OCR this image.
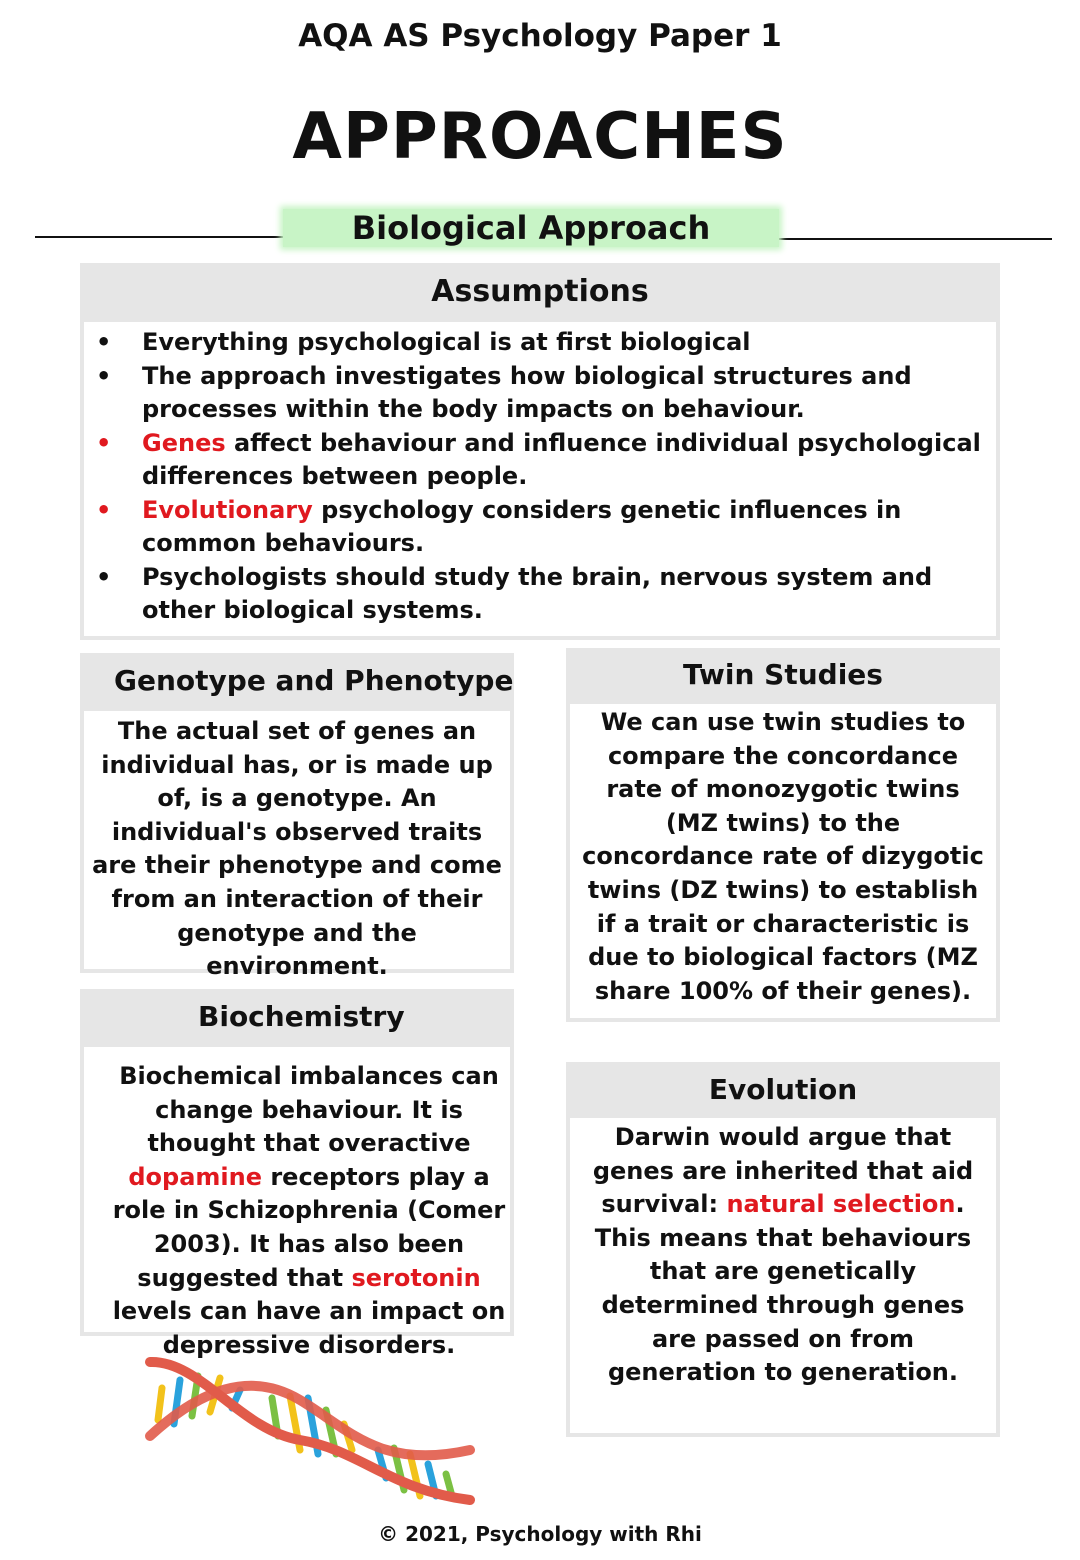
AQA AS Psychology Paper 1
APPROACHES
Biological Approach
Assumptions
• Everything psychological is at first biological
• The approach investigates how biological structures and processes within the body impacts on behaviour.
• Genes affect behaviour and influence individual psychological differences between people.
• Evolutionary psychology considers genetic influences in common behaviours.
• Psychologists should study the brain, nervous system and other biological systems.
Genotype and Phenotype
The actual set of genes an individual has, or is made up of, is a genotype. An individual's observed traits are their phenotype and come from an interaction of their genotype and the environment.
Twin Studies
We can use twin studies to compare the concordance rate of monozygotic twins (MZ twins) to the concordance rate of dizygotic twins (DZ twins) to establish if a trait or characteristic is due to biological factors (MZ share 100% of their genes).
Biochemistry
Biochemical imbalances can change behaviour. It is thought that overactive dopamine receptors play a role in Schizophrenia (Comer 2003). It has also been suggested that serotonin levels can have an impact on depressive disorders.
Evolution
Darwin would argue that genes are inherited that aid survival: natural selection. This means that behaviours that are genetically determined through genes are passed on from generation to generation.
© 2021, Psychology with Rhi
